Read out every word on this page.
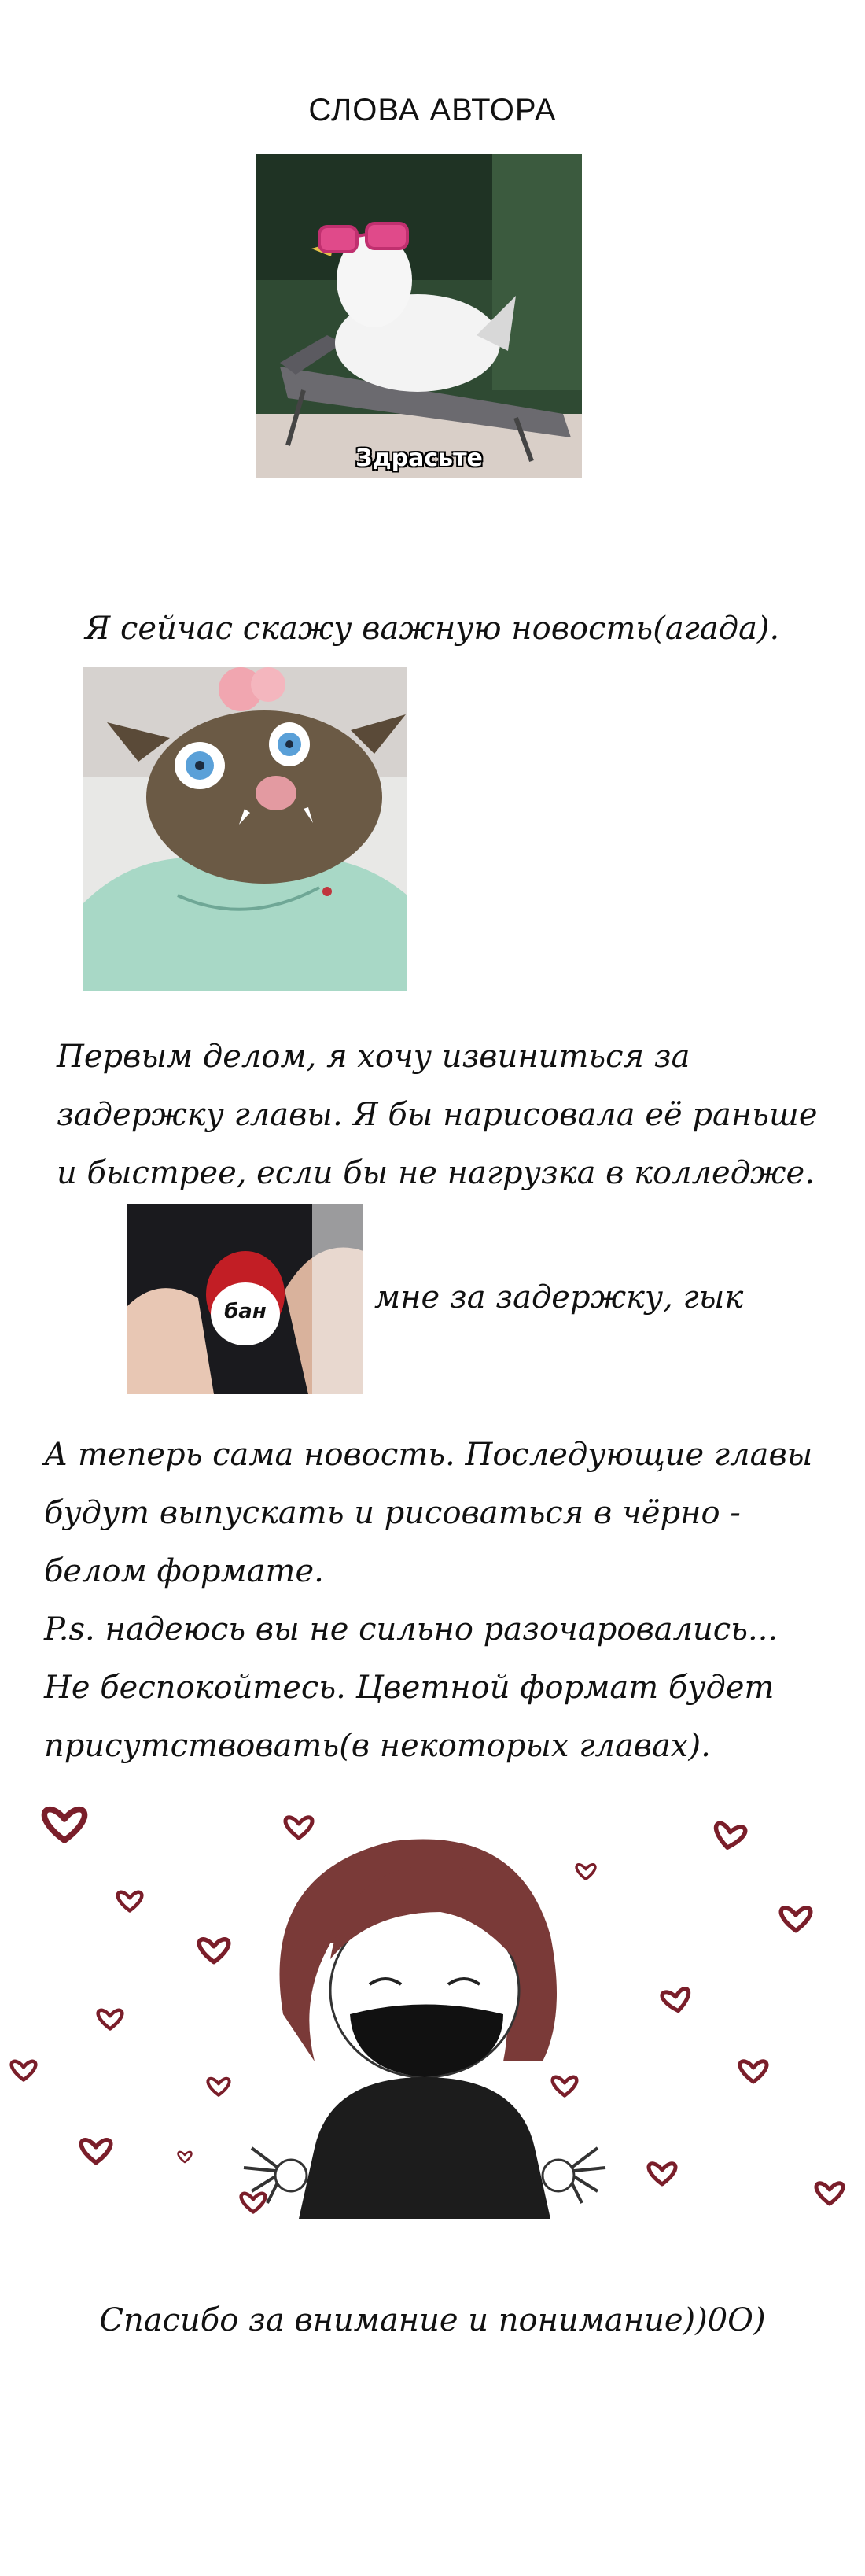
СЛОВА АВТОРА
Здрасьте
Я сейчас скажу важную новость(агада).
Первым делом, я хочу извиниться за
задержку главы. Я бы нарисовала её раньше
и быстрее, если бы не нагрузка в колледже.
бан	мне за задержку, гык
А теперь сама новость. Последующие главы
будут выпускать и рисоваться в чёрно -
белом формате.
P.s. надеюсь вы не сильно разочаровались...
Не беспокойтесь. Цветной формат будет
присутствовать(в некоторых главах).
Спасибо за внимание и понимание))0О)
